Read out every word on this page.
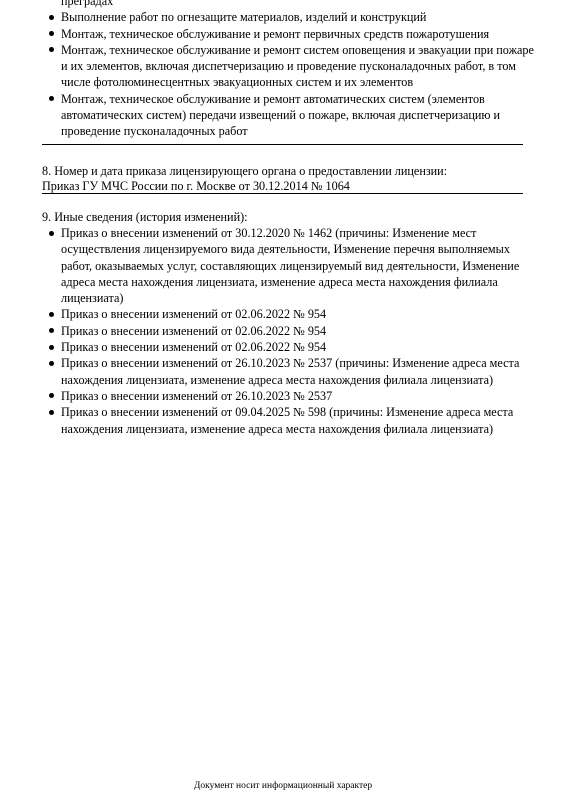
преградах
Выполнение работ по огнезащите материалов, изделий и конструкций
Монтаж, техническое обслуживание и ремонт первичных средств пожаротушения
Монтаж, техническое обслуживание и ремонт систем оповещения и эвакуации при пожаре и их элементов, включая диспетчеризацию и проведение пусконаладочных работ, в том числе фотолюминесцентных эвакуационных систем и их элементов
Монтаж, техническое обслуживание и ремонт автоматических систем (элементов автоматических систем) передачи извещений о пожаре, включая диспетчеризацию и проведение пусконаладочных работ
8. Номер и дата приказа лицензирующего органа о предоставлении лицензии:
Приказ ГУ МЧС России по г. Москве от 30.12.2014 № 1064
9. Иные сведения (история изменений):
Приказ о внесении изменений от 30.12.2020 № 1462 (причины: Изменение мест осуществления лицензируемого вида деятельности, Изменение перечня выполняемых работ, оказываемых услуг, составляющих лицензируемый вид деятельности, Изменение адреса места нахождения лицензиата, изменение адреса места нахождения филиала лицензиата)
Приказ о внесении изменений от 02.06.2022 № 954
Приказ о внесении изменений от 02.06.2022 № 954
Приказ о внесении изменений от 02.06.2022 № 954
Приказ о внесении изменений от 26.10.2023 № 2537 (причины: Изменение адреса места нахождения лицензиата, изменение адреса места нахождения филиала лицензиата)
Приказ о внесении изменений от 26.10.2023 № 2537
Приказ о внесении изменений от 09.04.2025 № 598 (причины: Изменение адреса места нахождения лицензиата, изменение адреса места нахождения филиала лицензиата)
Документ носит информационный характер
